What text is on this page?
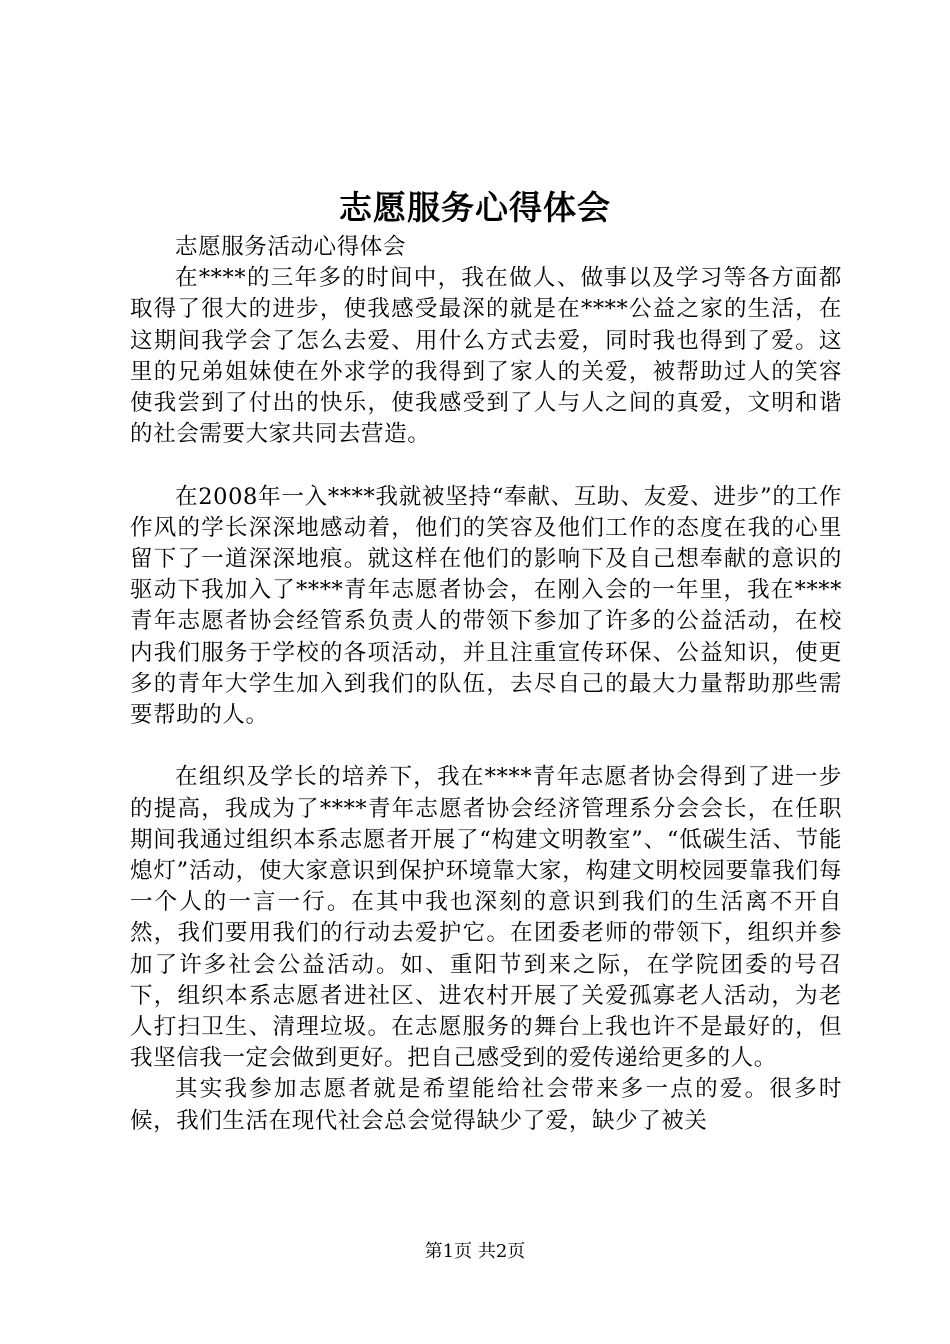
志愿服务心得体会

志愿服务活动心得体会

在****的三年多的时间中，我在做人、做事以及学习等各方面都取得了很大的进步，使我感受最深的就是在****公益之家的生活，在这期间我学会了怎么去爱、用什么方式去爱，同时我也得到了爱。这里的兄弟姐妹使在外求学的我得到了家人的关爱，被帮助过人的笑容使我尝到了付出的快乐，使我感受到了人与人之间的真爱，文明和谐的社会需要大家共同去营造。

在2008年一入****我就被坚持“奉献、互助、友爱、进步”的工作作风的学长深深地感动着，他们的笑容及他们工作的态度在我的心里留下了一道深深地痕。就这样在他们的影响下及自己想奉献的意识的驱动下我加入了****青年志愿者协会，在刚入会的一年里，我在****青年志愿者协会经管系负责人的带领下参加了许多的公益活动，在校内我们服务于学校的各项活动，并且注重宣传环保、公益知识，使更多的青年大学生加入到我们的队伍，去尽自己的最大力量帮助那些需要帮助的人。

在组织及学长的培养下，我在****青年志愿者协会得到了进一步的提高，我成为了****青年志愿者协会经济管理系分会会长，在任职期间我通过组织本系志愿者开展了“构建文明教室”、“低碳生活、节能熄灯”活动，使大家意识到保护环境靠大家，构建文明校园要靠我们每一个人的一言一行。在其中我也深刻的意识到我们的生活离不开自然，我们要用我们的行动去爱护它。在团委老师的带领下，组织并参加了许多社会公益活动。如、重阳节到来之际，在学院团委的号召下，组织本系志愿者进社区、进农村开展了关爱孤寡老人活动，为老人打扫卫生、清理垃圾。在志愿服务的舞台上我也许不是最好的，但我坚信我一定会做到更好。把自己感受到的爱传递给更多的人。

其实我参加志愿者就是希望能给社会带来多一点的爱。很多时候，我们生活在现代社会总会觉得缺少了爱，缺少了被关

第1页 共2页
